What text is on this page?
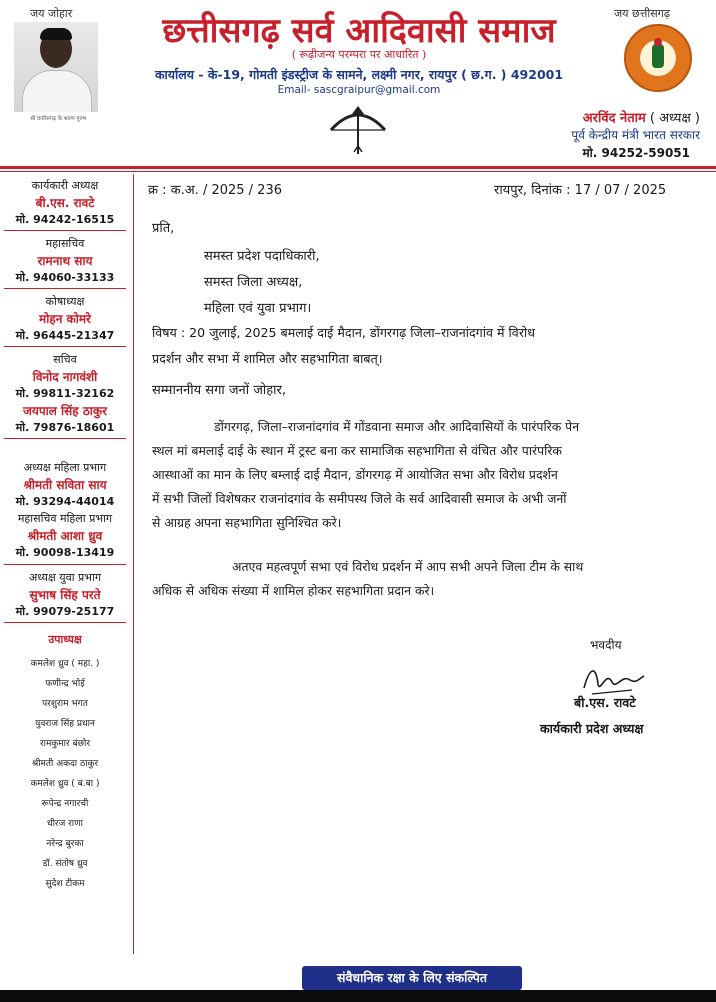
जय जोहार
श्री छत्तीसगढ़ के श्रवण पुरुष
छत्तीसगढ़ सर्व आदिवासी समाज
( रूढ़ीजन्य परम्परा पर आधारित )
कार्यालय - के-19, गोमती इंडस्ट्रीज के सामने, लक्ष्मी नगर, रायपुर ( छ.ग. ) 492001
Email- sascgraipur@gmail.com
जय छत्तीसगढ़
अरविंद नेताम ( अध्यक्ष )
पूर्व केन्द्रीय मंत्री भारत सरकार
मो. 94252-59051
कार्यकारी अध्यक्ष
बी.एस. रावटे
मो. 94242-16515
महासचिव
रामनाथ साय
मो. 94060-33133
कोषाध्यक्ष
मोहन कोमरे
मो. 96445-21347
सचिव
विनोद नागवंशी
मो. 99811-32162
जयपाल सिंह ठाकुर
मो. 79876-18601
अध्यक्ष महिला प्रभाग
श्रीमती सविता साय
मो. 93294-44014
महासचिव महिला प्रभाग
श्रीमती आशा ध्रुव
मो. 90098-13419
अध्यक्ष युवा प्रभाग
सुभाष सिंह परते
मो. 99079-25177
उपाध्यक्ष
कमलेश ध्रुव ( महा. )
फणीन्द्र भोई
परशुराम भगत
युवराज सिंह प्रधान
रामकुमार बंछोर
श्रीमती अकदा ठाकुर
कमलेश ध्रुव ( ब.बा )
रूपेन्द्र नगारची
धीरज राणा
नरेन्द्र बुरका
डॉ. संतोष ध्रुव
सुदेश टीकम
क्र : क.अ. / 2025 / 236	रायपुर, दिनांक : 17 / 07 / 2025
प्रति,
समस्त प्रदेश पदाधिकारी,
समस्त जिला अध्यक्ष,
महिला एवं युवा प्रभाग।
विषय : 20 जुलाई, 2025 बमलाई दाई मैदान, डोंगरगढ़ जिला–राजनांदगांव में विरोध
प्रदर्शन और सभा में शामिल और सहभागिता बाबत्।
सम्माननीय सगा जनों जोहार,
डोंगरगढ़, जिला–राजनांदगांव में गोंडवाना समाज और आदिवासियों के पारंपरिक पेन
स्थल मां बमलाई दाई के स्थान में ट्रस्ट बना कर सामाजिक सहभागिता से वंचित और पारंपरिक
आस्थाओं का मान के लिए बम्लाई दाई मैदान, डोंगरगढ़ में आयोजित सभा और विरोध प्रदर्शन
में सभी जिलों विशेषकर राजनांदगांव के समीपस्थ जिले के सर्व आदिवासी समाज के अभी जनों
से आग्रह अपना सहभागिता सुनिश्चित करे।
अतएव महत्वपूर्ण सभा एवं विरोध प्रदर्शन में आप सभी अपने जिला टीम के साथ
अधिक से अधिक संख्या में शामिल होकर सहभागिता प्रदान करे।
भवदीय
बी.एस. रावटे
कार्यकारी प्रदेश अध्यक्ष
संवैधानिक रक्षा के लिए संकल्पित
